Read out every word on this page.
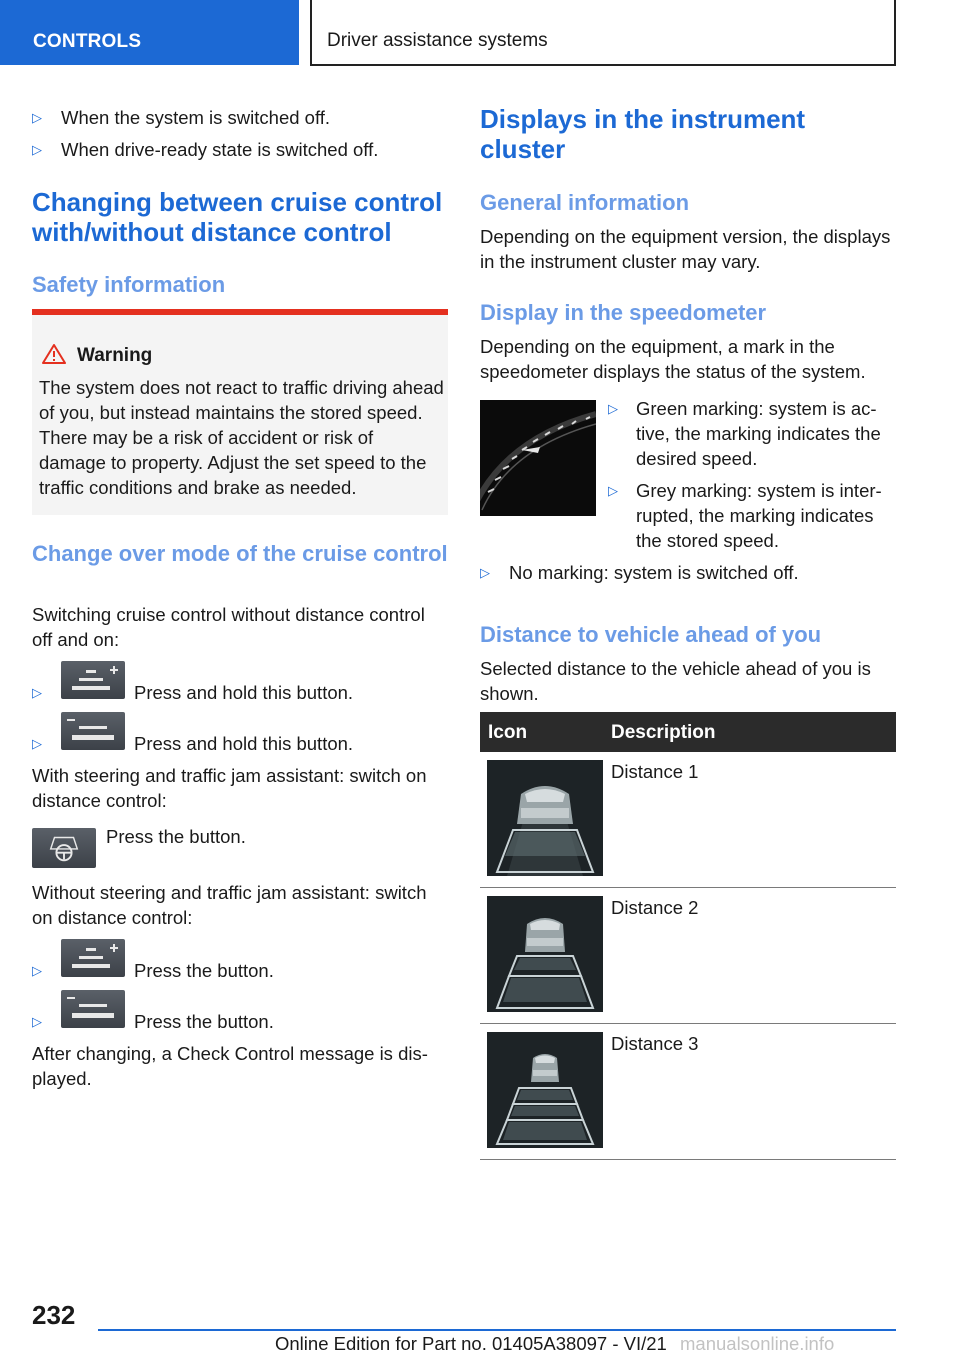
CONTROLS	Driver assistance systems
▷	When the system is switched off.
▷	When drive-ready state is switched off.
Changing between cruise control with/without distance control
Safety information
Warning
The system does not react to traffic driving ahead of you, but instead maintains the stored speed. There may be a risk of accident or risk of damage to property. Adjust the set speed to the traffic conditions and brake as needed.
Change over mode of the cruise control
Switching cruise control without distance control off and on:
▷	Press and hold this button.
▷	Press and hold this button.
With steering and traffic jam assistant: switch on distance control:
Press the button.
Without steering and traffic jam assistant: switch on distance control:
▷	Press the button.
▷	Press the button.
After changing, a Check Control message is displayed.
Displays in the instrument cluster
General information
Depending on the equipment version, the displays in the instrument cluster may vary.
Display in the speedometer
Depending on the equipment, a mark in the speedometer displays the status of the system.
▷ Green marking: system is active, the marking indicates the desired speed.
▷ Grey marking: system is interrupted, the marking indicates the stored speed.
▷	No marking: system is switched off.
Distance to vehicle ahead of you
Selected distance to the vehicle ahead of you is shown.
Icon	Description
Distance 1
Distance 2
Distance 3
232
Online Edition for Part no. 01405A38097 - VI/21 manualsonline.info
